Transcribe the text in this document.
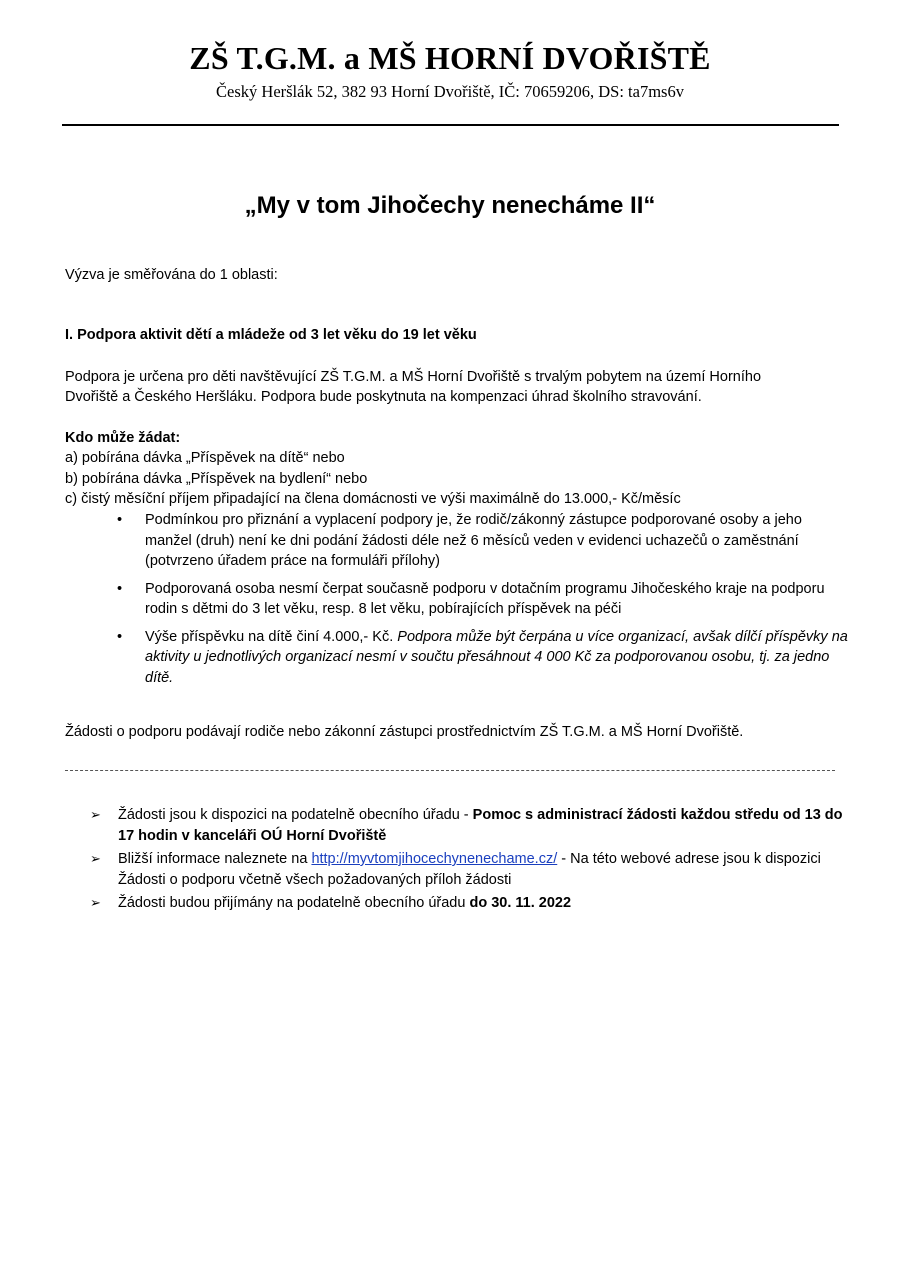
ZŠ T.G.M. a MŠ HORNÍ DVOŘIŠTĚ
Český Heršlák 52, 382 93 Horní Dvořiště, IČ: 70659206, DS: ta7ms6v
„My v tom Jihočechy nenecháme II“
Výzva je směřována do 1 oblasti:
I. Podpora aktivit dětí a mládeže od 3 let věku do 19 let věku
Podpora je určena pro děti navštěvující ZŠ T.G.M. a MŠ Horní Dvořiště s trvalým pobytem na území Horního
Dvořiště a Českého Heršláku. Podpora bude poskytnuta na kompenzaci úhrad školního stravování.
Kdo může žádat:
a) pobírána dávka „Příspěvek na dítě“ nebo
b) pobírána dávka „Příspěvek na bydlení“ nebo
c) čistý měsíční příjem připadající na člena domácnosti ve výši maximálně do 13.000,- Kč/měsíc
• Podmínkou pro přiznání a vyplacení podpory je, že rodič/zákonný zástupce podporované osoby a jeho manžel (druh) není ke dni podání žádosti déle než 6 měsíců veden v evidenci uchazečů o zaměstnání (potvrzeno úřadem práce na formuláři přílohy)
• Podporovaná osoba nesmí čerpat současně podporu v dotačním programu Jihočeského kraje na podporu rodin s dětmi do 3 let věku, resp. 8 let věku, pobírajících příspěvek na péči
• Výše příspěvku na dítě činí 4.000,- Kč. Podpora může být čerpána u více organizací, avšak dílčí příspěvky na aktivity u jednotlivých organizací nesmí v součtu přesáhnout 4 000 Kč za podporovanou osobu, tj. za jedno dítě.
Žádosti o podporu podávají rodiče nebo zákonní zástupci prostřednictvím ZŠ T.G.M. a MŠ Horní Dvořiště.
➢ Žádosti jsou k dispozici na podatelně obecního úřadu - Pomoc s administrací žádosti každou středu od 13 do 17 hodin v kanceláři OÚ Horní Dvořiště
➢ Bližší informace naleznete na http://myvtomjihocechynenechame.cz/ - Na této webové adrese jsou k dispozici Žádosti o podporu včetně všech požadovaných příloh žádosti
➢ Žádosti budou přijímány na podatelně obecního úřadu do 30. 11. 2022
